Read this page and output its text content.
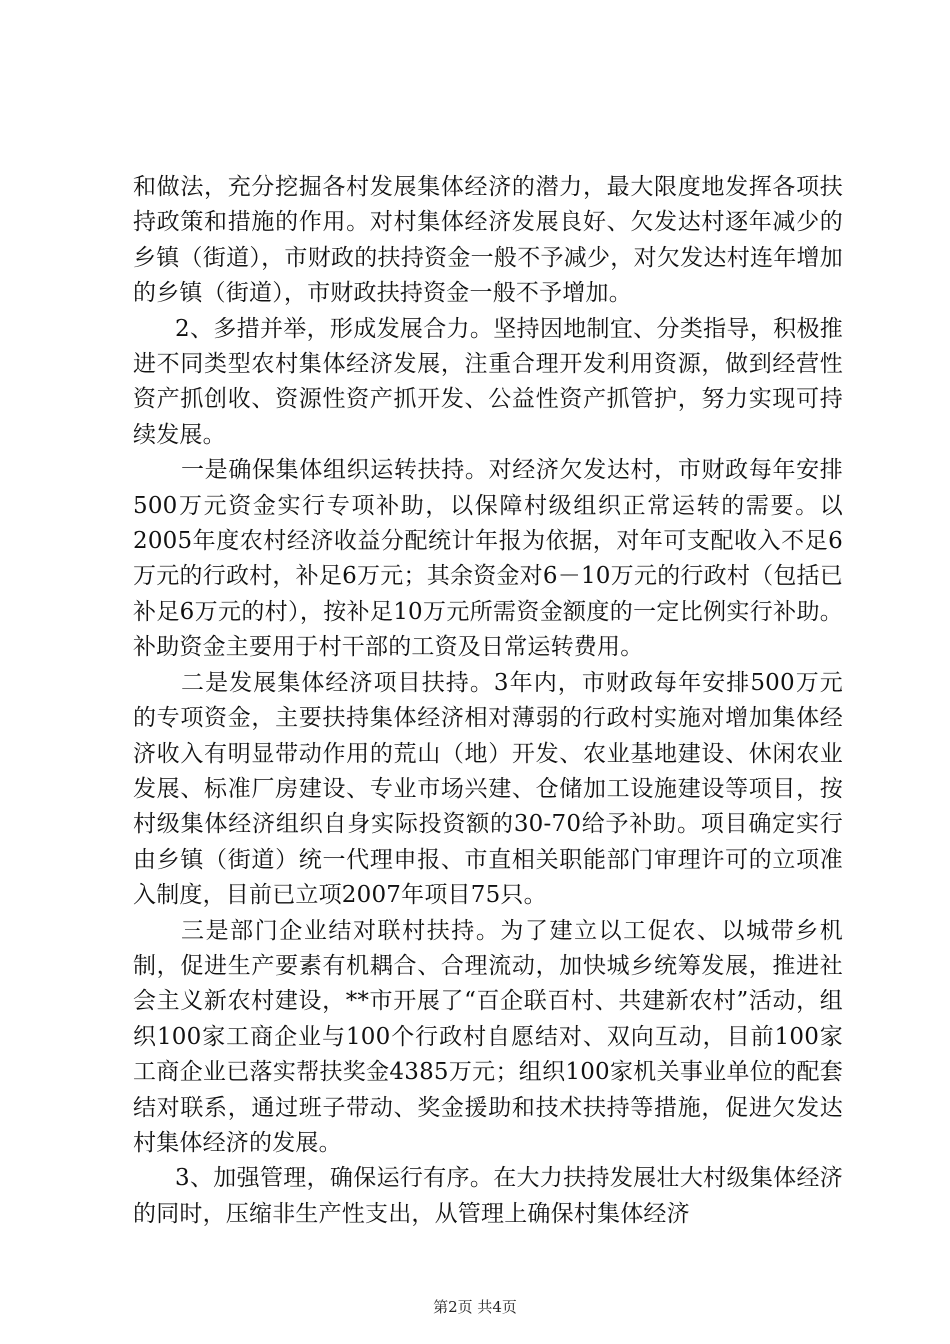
和做法，充分挖掘各村发展集体经济的潜力，最大限度地发挥各项扶持政策和措施的作用。对村集体经济发展良好、欠发达村逐年减少的乡镇（街道），市财政的扶持资金一般不予减少，对欠发达村连年增加的乡镇（街道），市财政扶持资金一般不予增加。

2、多措并举，形成发展合力。坚持因地制宜、分类指导，积极推进不同类型农村集体经济发展，注重合理开发利用资源，做到经营性资产抓创收、资源性资产抓开发、公益性资产抓管护，努力实现可持续发展。

一是确保集体组织运转扶持。对经济欠发达村，市财政每年安排500万元资金实行专项补助，以保障村级组织正常运转的需要。以2005年度农村经济收益分配统计年报为依据，对年可支配收入不足6万元的行政村，补足6万元；其余资金对6－10万元的行政村（包括已补足6万元的村），按补足10万元所需资金额度的一定比例实行补助。补助资金主要用于村干部的工资及日常运转费用。

二是发展集体经济项目扶持。3年内，市财政每年安排500万元的专项资金，主要扶持集体经济相对薄弱的行政村实施对增加集体经济收入有明显带动作用的荒山（地）开发、农业基地建设、休闲农业发展、标准厂房建设、专业市场兴建、仓储加工设施建设等项目，按村级集体经济组织自身实际投资额的30-70给予补助。项目确定实行由乡镇（街道）统一代理申报、市直相关职能部门审理许可的立项准入制度，目前已立项2007年项目75只。

三是部门企业结对联村扶持。为了建立以工促农、以城带乡机制，促进生产要素有机耦合、合理流动，加快城乡统筹发展，推进社会主义新农村建设，**市开展了“百企联百村、共建新农村”活动，组织100家工商企业与100个行政村自愿结对、双向互动，目前100家工商企业已落实帮扶奖金4385万元；组织100家机关事业单位的配套结对联系，通过班子带动、奖金援助和技术扶持等措施，促进欠发达村集体经济的发展。

3、加强管理，确保运行有序。在大力扶持发展壮大村级集体经济的同时，压缩非生产性支出，从管理上确保村集体经济

第2页 共4页
